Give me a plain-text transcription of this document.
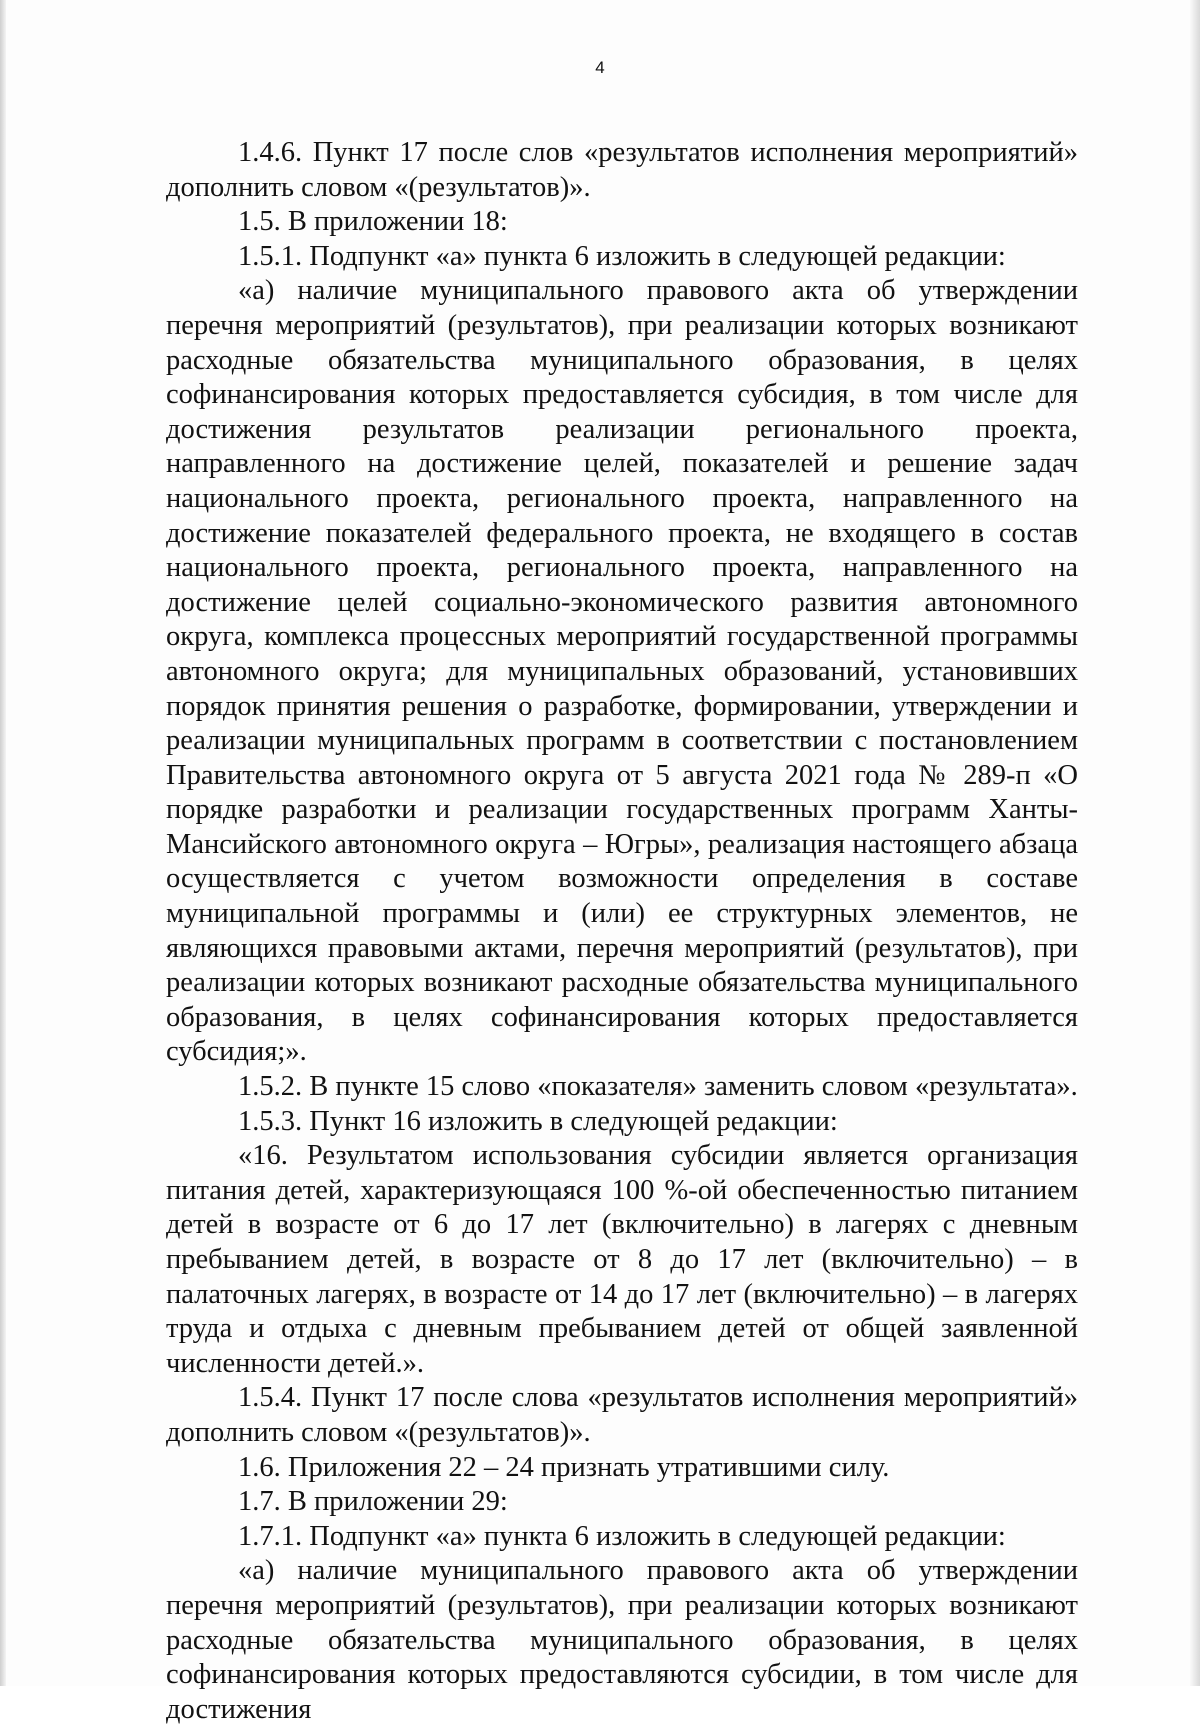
4

1.4.6. Пункт 17 после слов «результатов исполнения мероприятий» дополнить словом «(результатов)».

1.5. В приложении 18:

1.5.1. Подпункт «а» пункта 6 изложить в следующей редакции:

«а) наличие муниципального правового акта об утверждении перечня мероприятий (результатов), при реализации которых возникают расходные обязательства муниципального образования, в целях софинансирования которых предоставляется субсидия, в том числе для достижения результатов реализации регионального проекта, направленного на достижение целей, показателей и решение задач национального проекта, регионального проекта, направленного на достижение показателей федерального проекта, не входящего в состав национального проекта, регионального проекта, направленного на достижение целей социально-экономического развития автономного округа, комплекса процессных мероприятий государственной программы автономного округа; для муниципальных образований, установивших порядок принятия решения о разработке, формировании, утверждении и реализации муниципальных программ в соответствии с постановлением Правительства автономного округа от 5 августа 2021 года № 289-п «О порядке разработки и реализации государственных программ Ханты-Мансийского автономного округа – Югры», реализация настоящего абзаца осуществляется с учетом возможности определения в составе муниципальной программы и (или) ее структурных элементов, не являющихся правовыми актами, перечня мероприятий (результатов), при реализации которых возникают расходные обязательства муниципального образования, в целях софинансирования которых предоставляется субсидия;».

1.5.2. В пункте 15 слово «показателя» заменить словом «результата».

1.5.3. Пункт 16 изложить в следующей редакции:

«16. Результатом использования субсидии является организация питания детей, характеризующаяся 100 %-ой обеспеченностью питанием детей в возрасте от 6 до 17 лет (включительно) в лагерях с дневным пребыванием детей, в возрасте от 8 до 17 лет (включительно) – в палаточных лагерях, в возрасте от 14 до 17 лет (включительно) – в лагерях труда и отдыха с дневным пребыванием детей от общей заявленной численности детей.».

1.5.4. Пункт 17 после слова «результатов исполнения мероприятий» дополнить словом «(результатов)».

1.6. Приложения 22 – 24 признать утратившими силу.

1.7. В приложении 29:

1.7.1. Подпункт «а» пункта 6 изложить в следующей редакции:

«а) наличие муниципального правового акта об утверждении перечня мероприятий (результатов), при реализации которых возникают расходные обязательства муниципального образования, в целях софинансирования которых предоставляются субсидии, в том числе для достижения
